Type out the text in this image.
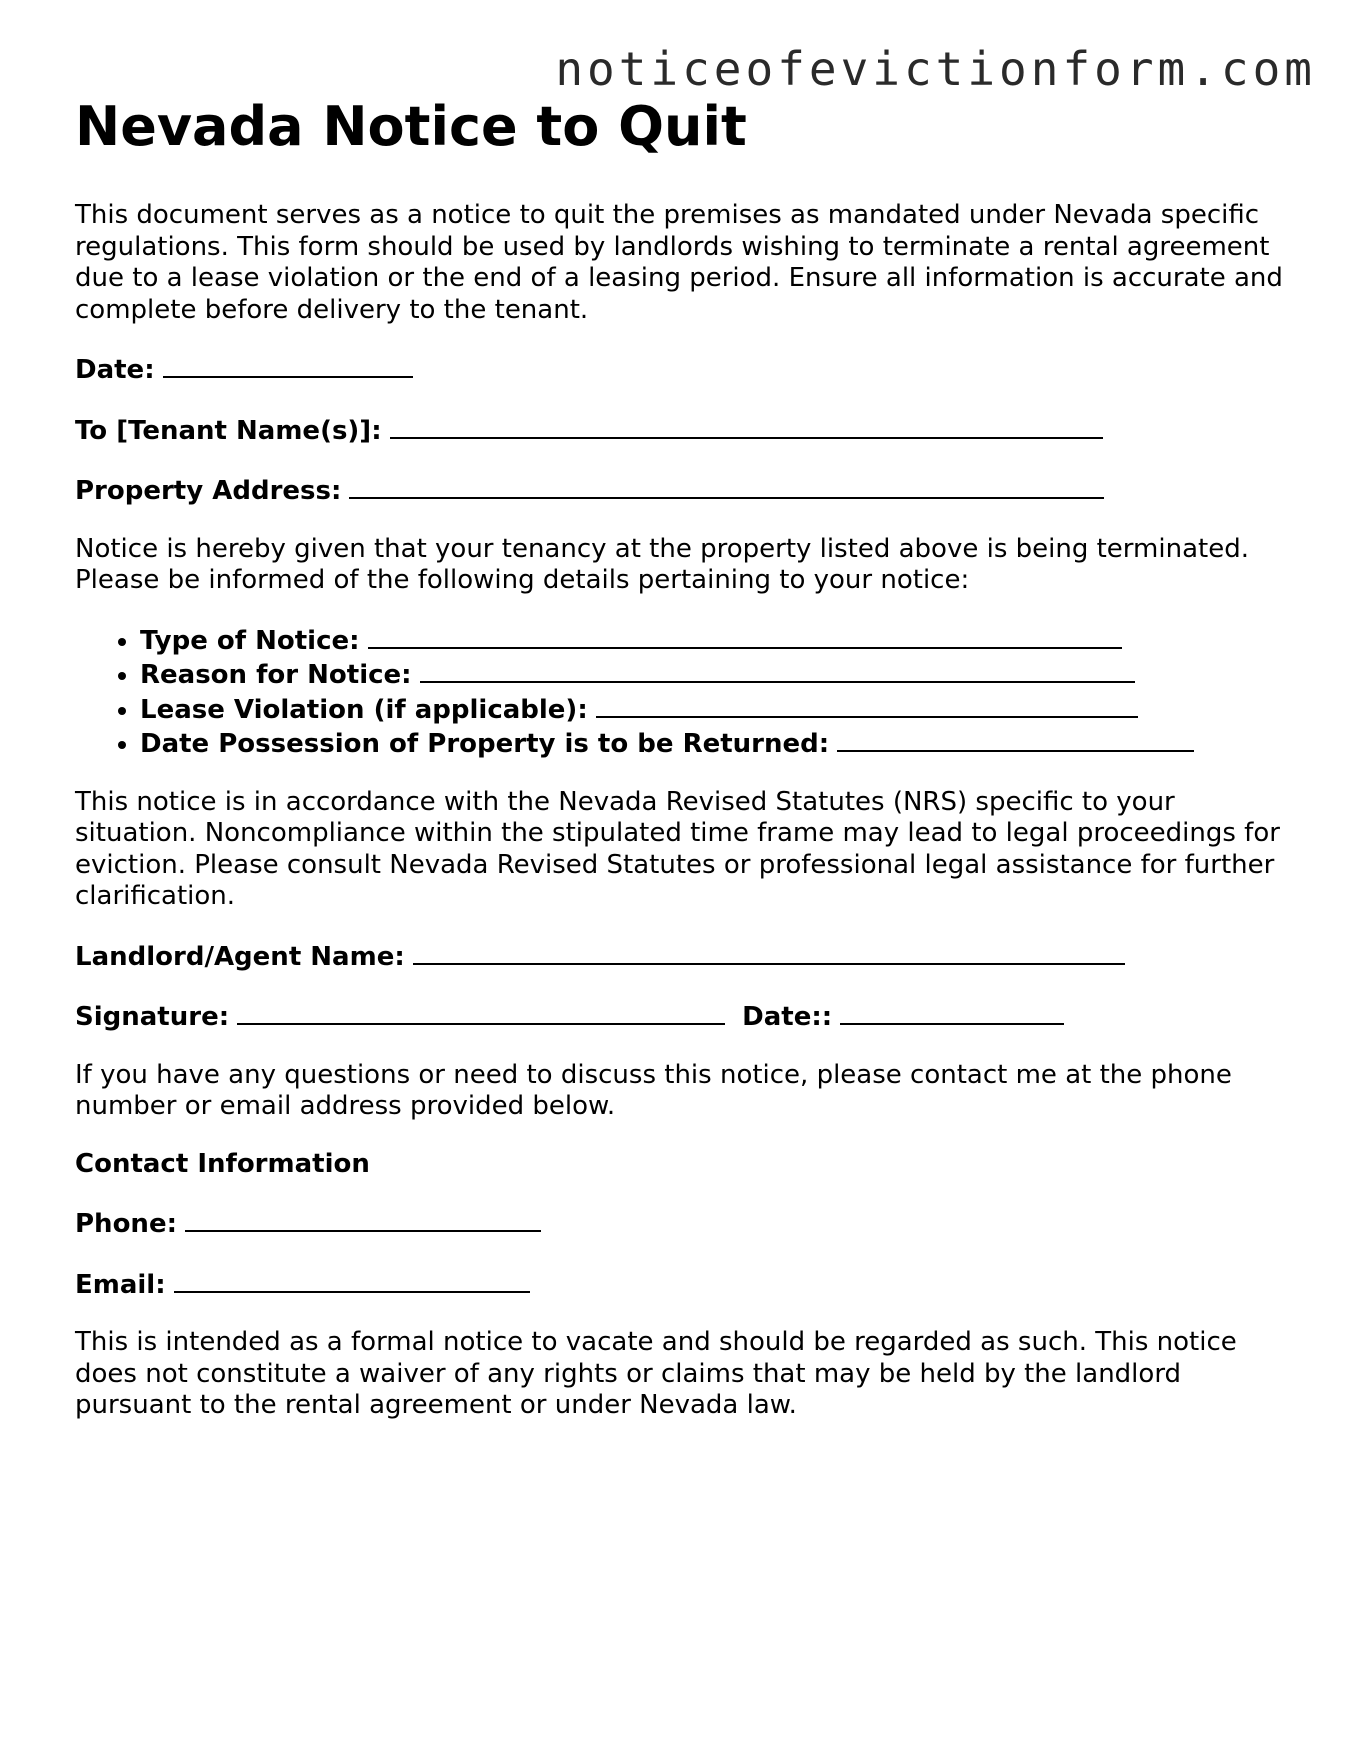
noticeofevictionform.com
Nevada Notice to Quit

This document serves as a notice to quit the premises as mandated under Nevada specific regulations. This form should be used by landlords wishing to terminate a rental agreement due to a lease violation or the end of a leasing period. Ensure all information is accurate and complete before delivery to the tenant.

Date:
To [Tenant Name(s)]:
Property Address:

Notice is hereby given that your tenancy at the property listed above is being terminated. Please be informed of the following details pertaining to your notice:

• Type of Notice:
• Reason for Notice:
• Lease Violation (if applicable):
• Date Possession of Property is to be Returned:

This notice is in accordance with the Nevada Revised Statutes (NRS) specific to your situation. Noncompliance within the stipulated time frame may lead to legal proceedings for eviction. Please consult Nevada Revised Statutes or professional legal assistance for further clarification.

Landlord/Agent Name:
Signature:	Date::

If you have any questions or need to discuss this notice, please contact me at the phone number or email address provided below.

Contact Information
Phone:
Email:

This is intended as a formal notice to vacate and should be regarded as such. This notice does not constitute a waiver of any rights or claims that may be held by the landlord pursuant to the rental agreement or under Nevada law.
